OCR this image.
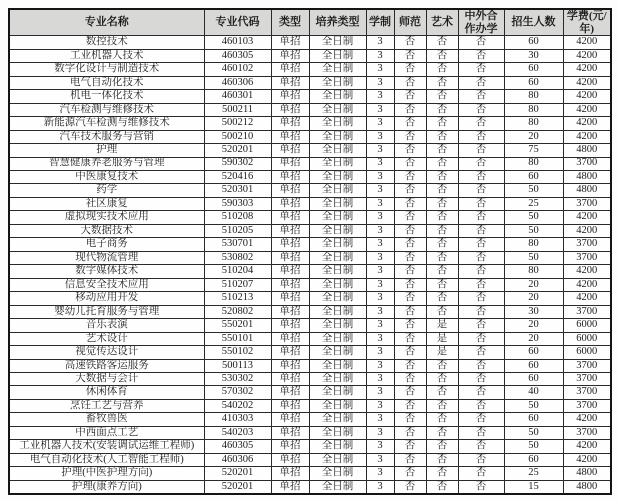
专业名称	专业代码	类型	培养类型	学制	师范	艺术	中外合作办学	招生人数	学费(元/年)
数控技术	460103	单招	全日制	3	否	否	否	60	4200
工业机器人技术	460305	单招	全日制	3	否	否	否	30	4200
数字化设计与制造技术	460102	单招	全日制	3	否	否	否	60	4200
电气自动化技术	460306	单招	全日制	3	否	否	否	60	4200
机电一体化技术	460301	单招	全日制	3	否	否	否	80	4200
汽车检测与维修技术	500211	单招	全日制	3	否	否	否	80	4200
新能源汽车检测与维修技术	500212	单招	全日制	3	否	否	否	80	4200
汽车技术服务与营销	500210	单招	全日制	3	否	否	否	20	4200
护理	520201	单招	全日制	3	否	否	否	75	4800
智慧健康养老服务与管理	590302	单招	全日制	3	否	否	否	80	3700
中医康复技术	520416	单招	全日制	3	否	否	否	60	4800
药学	520301	单招	全日制	3	否	否	否	50	4800
社区康复	590303	单招	全日制	3	否	否	否	25	3700
虚拟现实技术应用	510208	单招	全日制	3	否	否	否	50	4200
大数据技术	510205	单招	全日制	3	否	否	否	50	4200
电子商务	530701	单招	全日制	3	否	否	否	80	3700
现代物流管理	530802	单招	全日制	3	否	否	否	50	3700
数字媒体技术	510204	单招	全日制	3	否	否	否	80	4200
信息安全技术应用	510207	单招	全日制	3	否	否	否	20	4200
移动应用开发	510213	单招	全日制	3	否	否	否	20	4200
婴幼儿托育服务与管理	520802	单招	全日制	3	否	否	否	30	3700
音乐表演	550201	单招	全日制	3	否	是	否	20	6000
艺术设计	550101	单招	全日制	3	否	是	否	20	6000
视觉传达设计	550102	单招	全日制	3	否	是	否	60	6000
高速铁路客运服务	500113	单招	全日制	3	否	否	否	60	3700
大数据与会计	530302	单招	全日制	3	否	否	否	60	3700
休闲体育	570302	单招	全日制	3	否	否	否	40	3700
烹饪工艺与营养	540202	单招	全日制	3	否	否	否	50	3700
畜牧兽医	410303	单招	全日制	3	否	否	否	60	4200
中西面点工艺	540203	单招	全日制	3	否	否	否	50	3700
工业机器人技术(安装调试运维工程师)	460305	单招	全日制	3	否	否	否	50	4200
电气自动化技术(人工智能工程师)	460306	单招	全日制	3	否	否	否	60	4200
护理(中医护理方向)	520201	单招	全日制	3	否	否	否	25	4800
护理(康养方向)	520201	单招	全日制	3	否	否	否	15	4800
